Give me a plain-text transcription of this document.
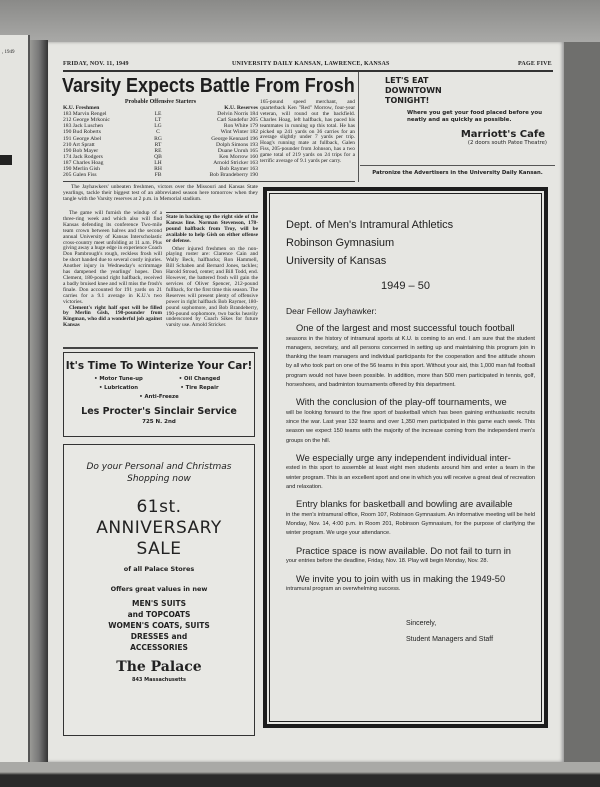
, 1949
FRIDAY, NOV. 11, 1949	UNIVERSITY DAILY KANSAN, LAWRENCE, KANSAS	PAGE FIVE
Varsity Expects Battle From Frosh
Probable Offensive Starters
K.U. Freshmen	K.U. Reserves
183 Marvin Rengel	LE	Delvin Norris 184
212 George Mrkonic	LT	Carl Sandefur 205
183 Jack Luschen	LG	Ron White 179
190 Bud Roberts	C	Wint Winter 182
191 George Abel	RG	George Kennard 196
210 Art Spratt	RT	Dolph Simons 193
190 Bob Mayer	RE	Duane Unruh 165
174 Jack Rodgers	QB	Ken Morrow 160
187 Charles Hoag	LH	Arnold Stricker 163
190 Merlin Gish	RH	Bob Raymer 163
205 Galen Fiss	FB	Bob Brandeberry 190
165-pound speed merchant, and quarterback Ken "Red" Morrow, four-year veteran, will round out the backfield. Charles Hoag, left halfback, has paced his teammates in running up this total. He has picked up 241 yards on 36 carries for an average slightly under 7 yards per trip. Hoag's running mate at fullback, Galen Fiss, 205-pounder from Johnson, has a two game total of 219 yards on 24 trips for a terrific average of 9.1 yards per carry.
The Jayhawkers' unbeaten freshmen, victors over the Missouri and Kansas State yearlings, tackle their biggest test of an abbreviated season here tomorrow when they tangle with the Varsity reserves at 2 p.m. in Memorial stadium.
The game will furnish the windup of a three-ring week and which also will find Kansas defending its conference Two-mile team crown between halves and the second annual University of Kansas Interscholastic cross-country meet unfolding at 11 a.m. Plus giving away a huge edge in experience Coach Don Pambrough's rough, reckless frosh will be short handed due to several costly injuries. Another injury in Wednesday's scrimmage has dampened the yearlings' hopes. Don Clement, 180-pound right halfback, received a badly bruised knee and will miss the frosh's finale. Don accounted for 191 yards on 21 carries for a 9.1 average in K.U.'s two victories.
Clement's right half spot will be filled by Merlin Gish, 190-pounder from Kingman, who did a wonderful job against Kansas
State in backing up the right side of the Kansas line. Norman Stevenson, 178-pound halfback from Troy, will be available to help Gish on either offense or defense.
Other injured freshmen on the non-playing roster are: Clarence Cain and Wally Beck, halfbacks; Ron Hammell, Bill Schaben and Bernard Jones, tackles; Harold Stroud, center; and Bill Todd, end. However, the battered frosh will gain the services of Oliver Spencer, 212-pound fullback, for the first time this season. The Reserves will present plenty of offensive power in right halfback Bob Raymer, 180-pound sophomore, and Bob Brandeberry, 190-pound sophomore, two backs heavily underscored by Coach Sikes for future varsity use. Arnold Stricker.
LET'S EAT
DOWNTOWN
TONIGHT!
Where you get your food placed before you neatly and as quickly as possible.
Marriott's Cafe
(2 doors south Patee Theatre)
Patronize the Advertisers in the University Daily Kansan.
It's Time To Winterize Your Car!
• Motor Tune-up	• Oil Changed
• Lubrication	• Tire Repair
• Anti-Freeze
Les Procter's Sinclair Service
725 N. 2nd
Do your Personal and Christmas
Shopping now
61st.
ANNIVERSARY
SALE
of all Palace Stores
Offers great values in new
MEN'S SUITS
and TOPCOATS
WOMEN'S COATS, SUITS
DRESSES and
ACCESSORIES
The Palace
843 Massachusetts
Dept. of Men's Intramural Athletics
Robinson Gymnasium
University of Kansas
1949 – 50
Dear Fellow Jayhawker:
One of the largest and most successful touch football
seasons in the history of intramural sports at K.U. is coming to an end. I am sure that the student managers, secretary, and all persons concerned in setting up and maintaining this program join in thanking the team managers and individual participants for the cooperation and fine attitude shown by all who took part on one of the 56 teams in this sport. Without your aid, this 1,000 man fall football program would not have been possible. In addition, more than 500 men participated in tennis, golf, horseshoes, and badminton tournaments offered by this department.
With the conclusion of the play-off tournaments, we
will be looking forward to the fine sport of basketball which has been gaining enthusiastic recruits since the war. Last year 132 teams and over 1,350 men participated in this game each week. This season we expect 150 teams with the majority of the increase coming from the independent men's groups on the hill.
We especially urge any independent individual inter-
ested in this sport to assemble at least eight men students around him and enter a team in the winter program. This is an excellent sport and one in which you will receive a great deal of recreation and relaxation.
Entry blanks for basketball and bowling are available
in the men's intramural office, Room 107, Robinson Gymnasium. An informative meeting will be held Monday, Nov. 14, 4:00 p.m. in Room 201, Robinson Gymnasium, for the purpose of clarifying the winter program. We urge your attendance.
Practice space is now available. Do not fail to turn in
your entries before the deadline, Friday, Nov. 18. Play will begin Monday, Nov. 28.
We invite you to join with us in making the 1949-50
intramural program an overwhelming success.
Sincerely,
Student Managers and Staff
